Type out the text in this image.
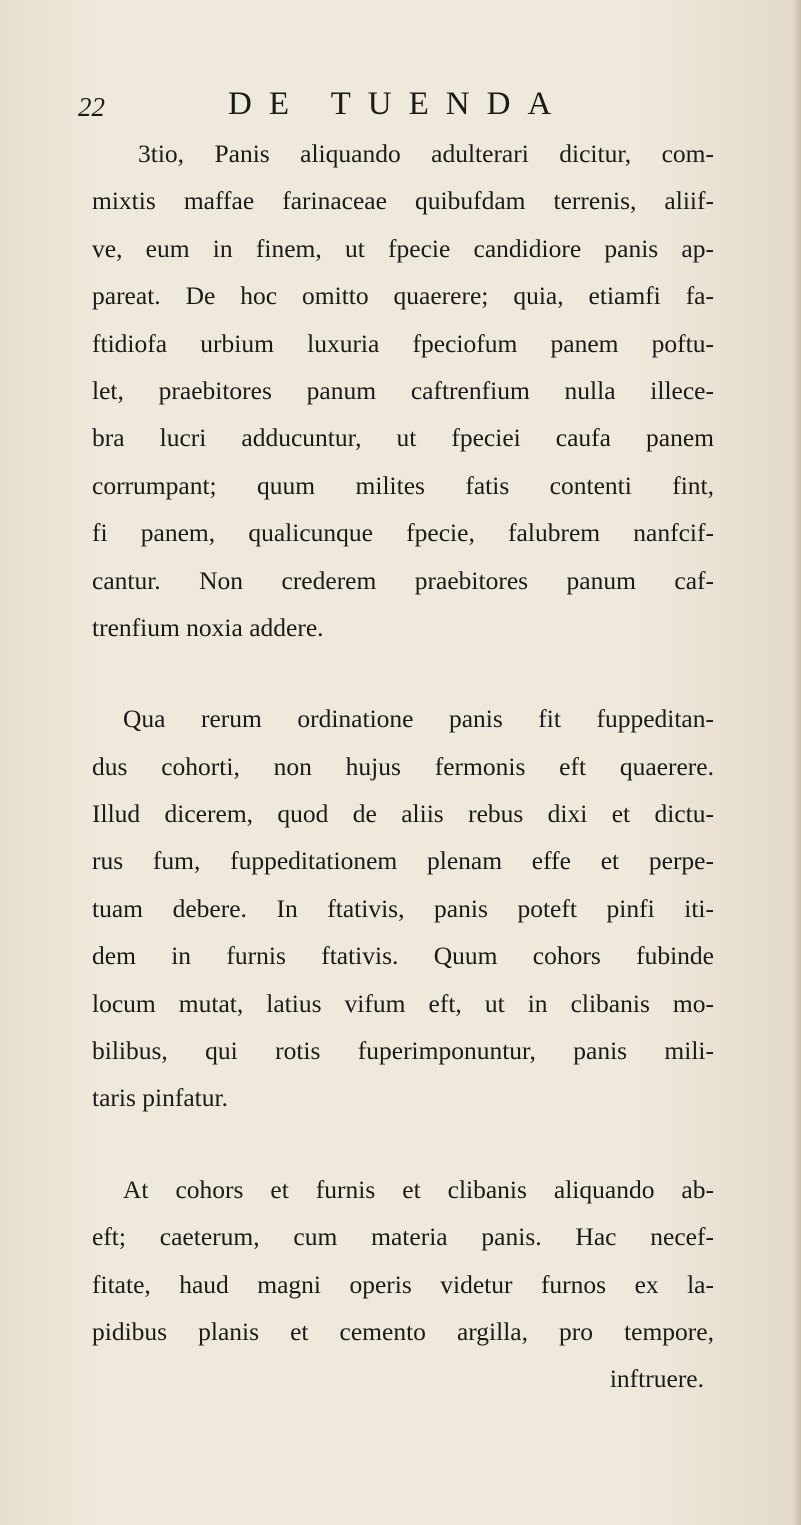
22	DE TUENDA
3tio, Panis aliquando adulterari dicitur, com-
mixtis maffae farinaceae quibufdam terrenis, aliif-
ve, eum in finem, ut fpecie candidiore panis ap-
pareat. De hoc omitto quaerere; quia, etiamfi fa-
ftidiofa urbium luxuria fpeciofum panem poftu-
let, praebitores panum caftrenfium nulla illece-
bra lucri adducuntur, ut fpeciei caufa panem
corrumpant; quum milites fatis contenti fint,
fi panem, qualicunque fpecie, falubrem nanfcif-
cantur. Non crederem praebitores panum caf-
trenfium noxia addere.
Qua rerum ordinatione panis fit fuppeditan-
dus cohorti, non hujus fermonis eft quaerere.
Illud dicerem, quod de aliis rebus dixi et dictu-
rus fum, fuppeditationem plenam effe et perpe-
tuam debere. In ftativis, panis poteft pinfi iti-
dem in furnis ftativis. Quum cohors fubinde
locum mutat, latius vifum eft, ut in clibanis mo-
bilibus, qui rotis fuperimponuntur, panis mili-
taris pinfatur.
At cohors et furnis et clibanis aliquando ab-
eft; caeterum, cum materia panis. Hac necef-
fitate, haud magni operis videtur furnos ex la-
pidibus planis et cemento argilla, pro tempore,
inftruere.
